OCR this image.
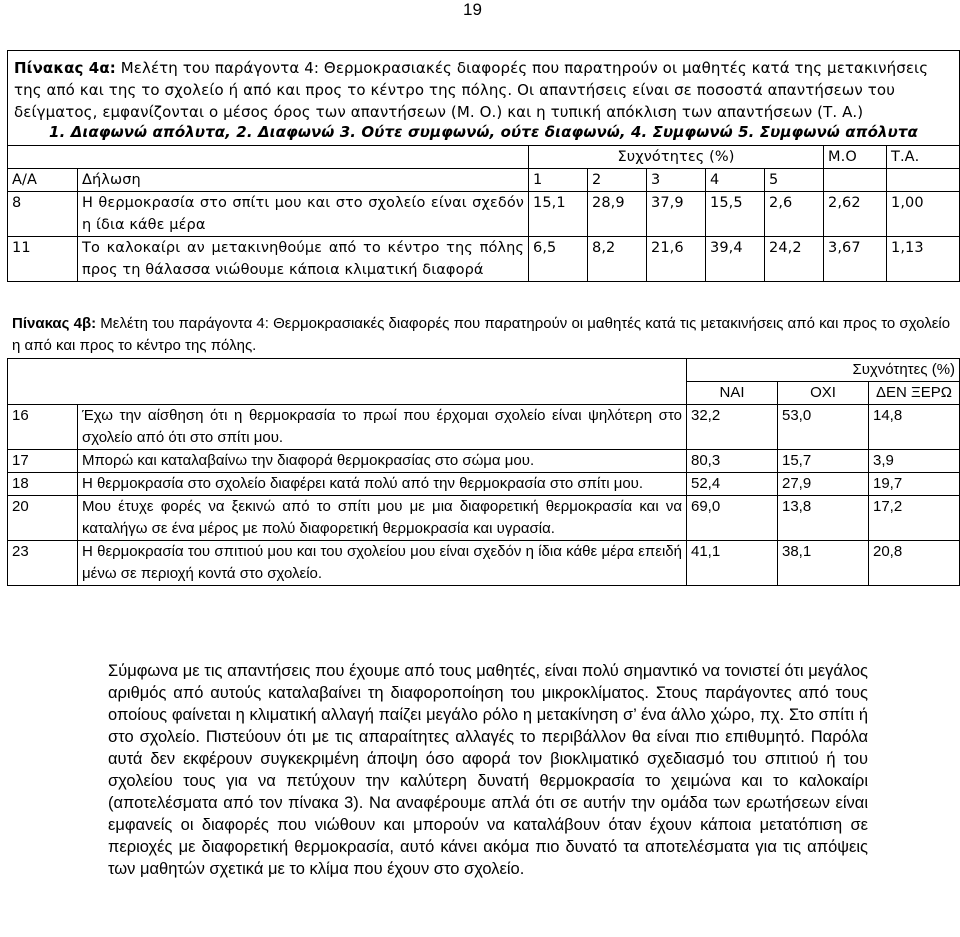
19
Πίνακας 4α: Μελέτη του παράγοντα 4: Θερμοκρασιακές διαφορές που παρατηρούν οι μαθητές κατά της μετακινήσεις της από και της το σχολείο ή από και προς το κέντρο της πόλης. Οι απαντήσεις είναι σε ποσοστά απαντήσεων του δείγματος, εμφανίζονται ο μέσος όρος των απαντήσεων (Μ. Ο.) και η τυπική απόκλιση των απαντήσεων (Τ. Α.)
1. Διαφωνώ απόλυτα, 2. Διαφωνώ 3. Ούτε συμφωνώ, ούτε διαφωνώ, 4. Συμφωνώ 5. Συμφωνώ απόλυτα								

		Συχνότητες (%)					Μ.Ο	Τ.Α.
Α/Α	Δήλωση	1	2	3	4	5		
8	Η θερμοκρασία στο σπίτι μου και στο σχολείο είναι σχεδόν η ίδια κάθε μέρα	15,1	28,9	37,9	15,5	2,6	2,62	1,00
11	Το καλοκαίρι αν μετακινηθούμε από το κέντρο της πόλης προς τη θάλασσα νιώθουμε κάποια κλιματική διαφορά	6,5	8,2	21,6	39,4	24,2	3,67	1,13
Πίνακας 4β: Μελέτη του παράγοντα 4: Θερμοκρασιακές διαφορές που παρατηρούν οι μαθητές κατά τις μετακινήσεις από και προς το σχολείο η από και προς το κέντρο της πόλης.
		Συχνότητες (%)		
		ΝΑΙ	ΟΧΙ	ΔΕΝ ΞΕΡΩ
16	Έχω την αίσθηση ότι η θερμοκρασία το πρωί που έρχομαι σχολείο είναι ψηλότερη στο σχολείο από ότι στο σπίτι μου.	32,2	53,0	14,8
17	Μπορώ και καταλαβαίνω την διαφορά θερμοκρασίας στο σώμα μου.	80,3	15,7	3,9
18	Η θερμοκρασία στο σχολείο διαφέρει κατά πολύ από την θερμοκρασία στο σπίτι μου.	52,4	27,9	19,7
20	Μου έτυχε φορές να ξεκινώ από το σπίτι μου με μια διαφορετική θερμοκρασία και να καταλήγω σε ένα μέρος με πολύ διαφορετική θερμοκρασία και υγρασία.	69,0	13,8	17,2
23	Η θερμοκρασία του σπιτιού μου και του σχολείου μου είναι σχεδόν η ίδια κάθε μέρα επειδή μένω σε περιοχή κοντά στο σχολείο.	41,1	38,1	20,8
Σύμφωνα με τις απαντήσεις που έχουμε από τους μαθητές, είναι πολύ σημαντικό να τονιστεί ότι μεγάλος αριθμός από αυτούς καταλαβαίνει τη διαφοροποίηση του μικροκλίματος. Στους παράγοντες από τους οποίους φαίνεται η κλιματική αλλαγή παίζει μεγάλο ρόλο η μετακίνηση σ’ ένα άλλο χώρο, πχ. Στο σπίτι ή στο σχολείο. Πιστεύουν ότι με τις απαραίτητες αλλαγές το περιβάλλον θα είναι πιο επιθυμητό. Παρόλα αυτά δεν εκφέρουν συγκεκριμένη άποψη όσο αφορά τον βιοκλιματικό σχεδιασμό του σπιτιού ή του σχολείου τους για να πετύχουν την καλύτερη δυνατή θερμοκρασία το χειμώνα και το καλοκαίρι (αποτελέσματα από τον πίνακα 3). Να αναφέρουμε απλά ότι σε αυτήν την ομάδα των ερωτήσεων είναι εμφανείς οι διαφορές που νιώθουν και μπορούν να καταλάβουν όταν έχουν κάποια μετατόπιση σε περιοχές με διαφορετική θερμοκρασία, αυτό κάνει ακόμα πιο δυνατό τα αποτελέσματα για τις απόψεις των μαθητών σχετικά με το κλίμα που έχουν στο σχολείο.
